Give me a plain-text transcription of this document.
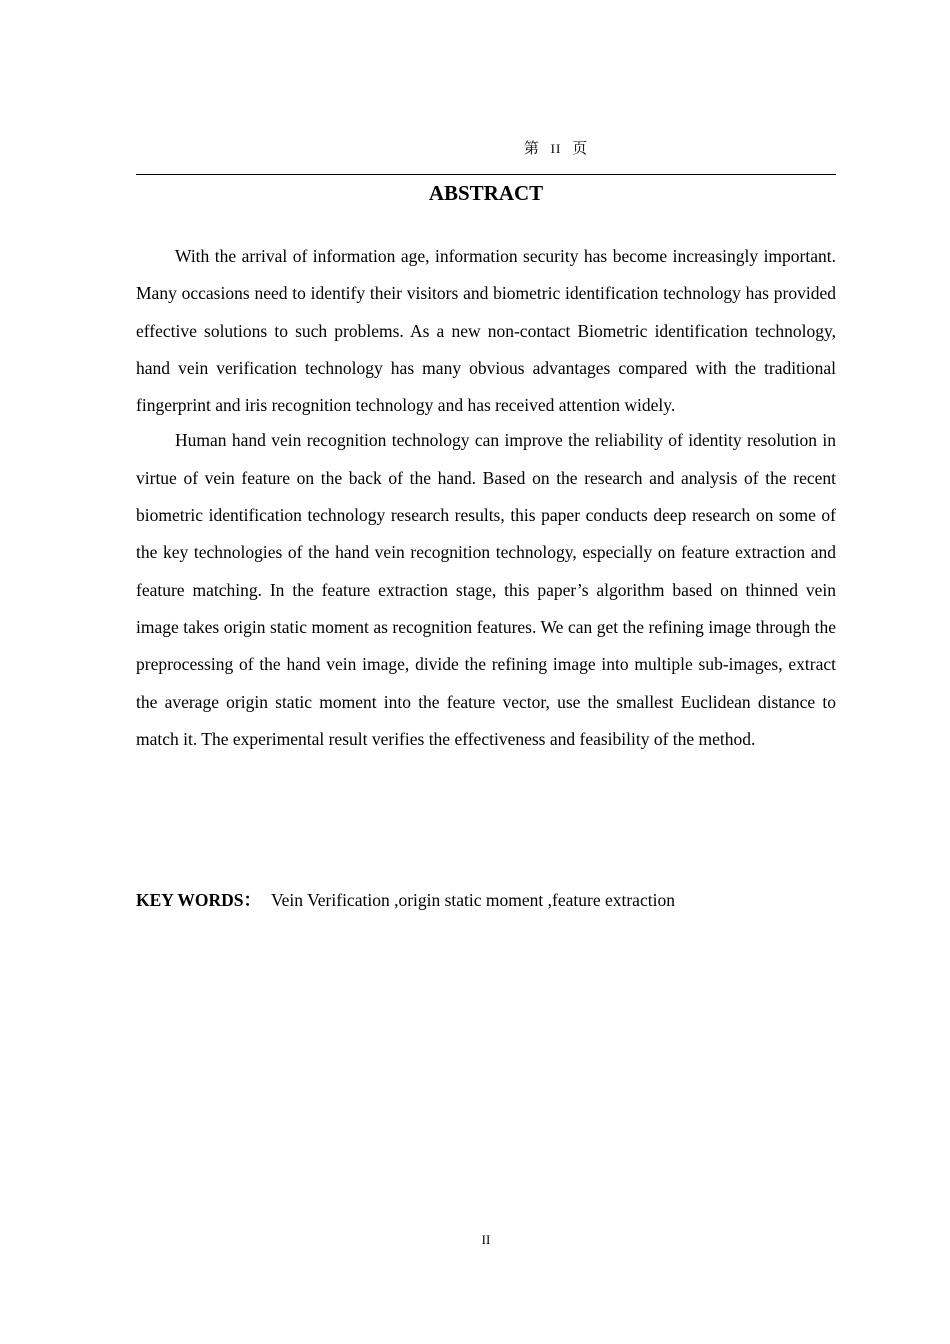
第 II 页
ABSTRACT

With the arrival of information age, information security has become increasingly important. Many occasions need to identify their visitors and biometric identification technology has provided effective solutions to such problems. As a new non-contact Biometric identification technology, hand vein verification technology has many obvious advantages compared with the traditional fingerprint and iris recognition technology and has received attention widely.

Human hand vein recognition technology can improve the reliability of identity resolution in virtue of vein feature on the back of the hand. Based on the research and analysis of the recent biometric identification technology research results, this paper conducts deep research on some of the key technologies of the hand vein recognition technology, especially on feature extraction and feature matching. In the feature extraction stage, this paper’s algorithm based on thinned vein image takes origin static moment as recognition features. We can get the refining image through the preprocessing of the hand vein image, divide the refining image into multiple sub-images, extract the average origin static moment into the feature vector, use the smallest Euclidean distance to match it. The experimental result verifies the effectiveness and feasibility of the method.

KEY WORDS： Vein Verification ,origin static moment ,feature extraction
II
